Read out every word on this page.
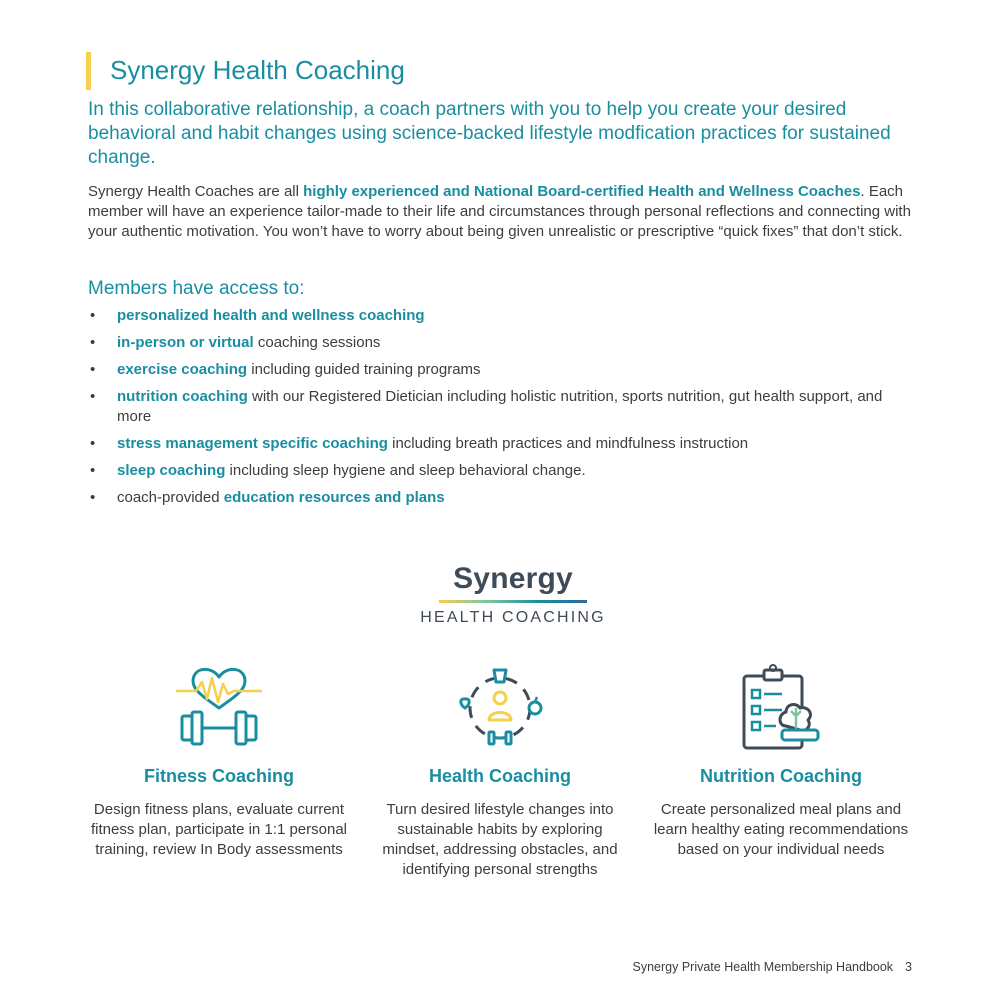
Synergy Health Coaching
In this collaborative relationship, a coach partners with you to help you create your desired behavioral and habit changes using science-backed lifestyle modfication practices for sustained change.
Synergy Health Coaches are all highly experienced and National Board-certified Health and Wellness Coaches. Each member will have an experience tailor-made to their life and circumstances through personal reflections and connecting with your authentic motivation. You won’t have to worry about being given unrealistic or prescriptive “quick fixes” that don’t stick.
Members have access to:
• personalized health and wellness coaching
• in-person or virtual coaching sessions
• exercise coaching including guided training programs
• nutrition coaching with our Registered Dietician including holistic nutrition, sports nutrition, gut health support, and more
• stress management specific coaching including breath practices and mindfulness instruction
• sleep coaching including sleep hygiene and sleep behavioral change.
• coach-provided education resources and plans
Synergy
HEALTH COACHING
Fitness Coaching
Design fitness plans, evaluate current fitness plan, participate in 1:1 personal training, review In Body assessments
Health Coaching
Turn desired lifestyle changes into sustainable habits by exploring mindset, addressing obstacles, and identifying personal strengths
Nutrition Coaching
Create personalized meal plans and learn healthy eating recommendations based on your individual needs
Synergy Private Health Membership Handbook 3
